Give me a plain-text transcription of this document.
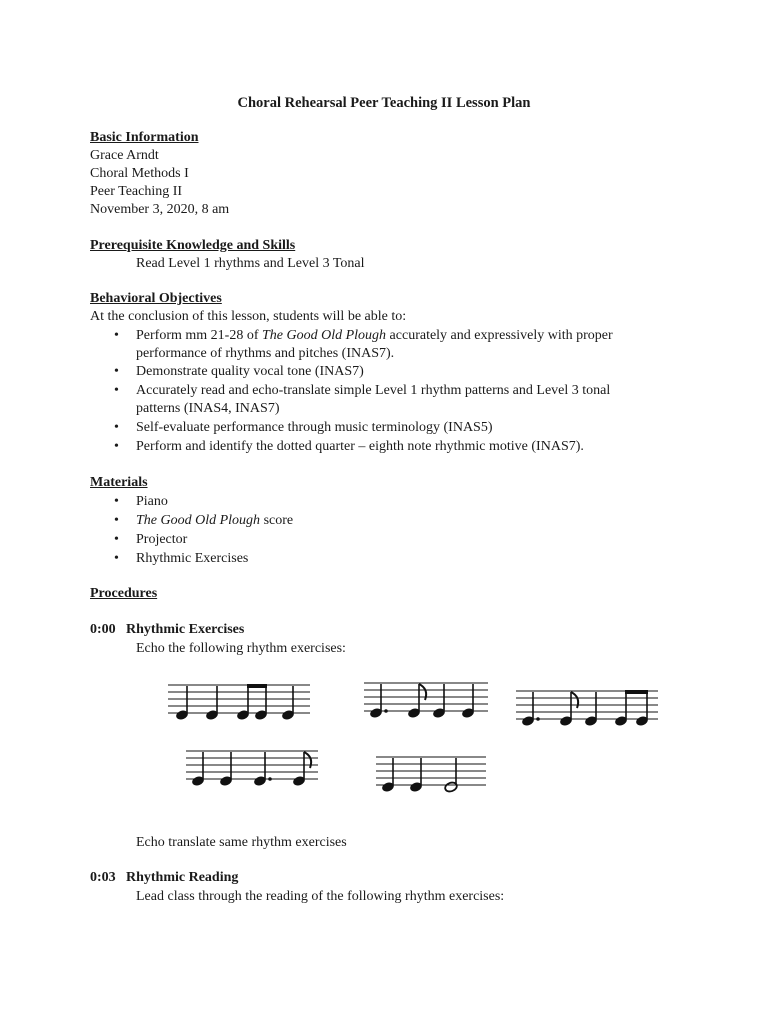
Choral Rehearsal Peer Teaching II Lesson Plan
Basic Information
Grace Arndt
Choral Methods I
Peer Teaching II
November 3, 2020, 8 am
Prerequisite Knowledge and Skills
Read Level 1 rhythms and Level 3 Tonal
Behavioral Objectives
At the conclusion of this lesson, students will be able to:
• Perform mm 21-28 of The Good Old Plough accurately and expressively with proper
performance of rhythms and pitches (INAS7).
• Demonstrate quality vocal tone (INAS7)
• Accurately read and echo-translate simple Level 1 rhythm patterns and Level 3 tonal
patterns (INAS4, INAS7)
• Self-evaluate performance through music terminology (INAS5)
• Perform and identify the dotted quarter – eighth note rhythmic motive (INAS7).
Materials
• Piano
• The Good Old Plough score
• Projector
• Rhythmic Exercises
Procedures
0:00 Rhythmic Exercises
Echo the following rhythm exercises:
Echo translate same rhythm exercises
0:03 Rhythmic Reading
Lead class through the reading of the following rhythm exercises:
